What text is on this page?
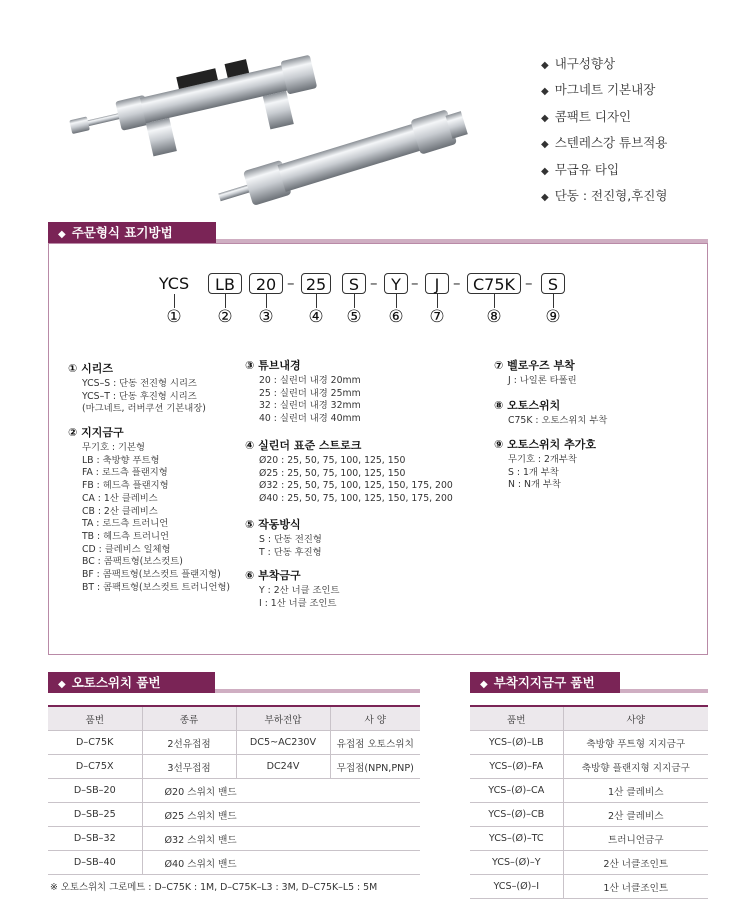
◆ 내구성향상
◆ 마그네트 기본내장
◆ 콤팩트 디자인
◆ 스텐레스강 튜브적용
◆ 무급유 타입
◆ 단동 : 전진형,후진형
◆ 주문형식 표기방법
YCS	LB	20 – 25	S – Y –	J – C75K – S
① ② ③ ④ ⑤ ⑥ ⑦ ⑧	⑨
① 시리즈
YCS–S : 단동 전진형 시리즈
YCS–T : 단동 후진형 시리즈
(마그네트, 러버쿠션 기본내장)
② 지지금구
무기호 : 기본형
LB : 축방향 푸트형
FA : 로드측 플랜지형
FB : 헤드측 플랜지형
CA : 1산 클레비스
CB : 2산 클레비스
TA : 로드측 트러니언
TB : 헤드측 트러니언
CD : 클레비스 일체형
BC : 콤팩트형(보스컷트)
BF : 콤팩트형(보스컷트 플랜지형)
BT : 콤팩트형(보스컷트 트러니언형)
③ 튜브내경
20 : 실린더 내경 20mm
25 : 실린더 내경 25mm
32 : 실린더 내경 32mm
40 : 실린더 내경 40mm
④ 실린더 표준 스트로크
Ø20 : 25, 50, 75, 100, 125, 150
Ø25 : 25, 50, 75, 100, 125, 150
Ø32 : 25, 50, 75, 100, 125, 150, 175, 200
Ø40 : 25, 50, 75, 100, 125, 150, 175, 200
⑤ 작동방식
S : 단동 전진형
T : 단동 후진형
⑥ 부착금구
Y : 2산 너클 조인트
I : 1산 너클 조인트
⑦ 벨로우즈 부착
J : 나일론 타폴린
⑧ 오토스위치
C75K : 오토스위치 부착
⑨ 오토스위치 추가호
무기호 : 2개부착
S : 1개 부착
N : N개 부착
◆ 오토스위치 품번
품번	종류	부하전압	사 양
D–C75K	2선유접점	DC5~AC230V	유접점 오토스위치
D–C75X	3선무접점	DC24V	무접점(NPN,PNP)
D–SB–20	Ø20 스위치 밴드		
D–SB–25	Ø25 스위치 밴드		
D–SB–32	Ø32 스위치 밴드		
D–SB–40	Ø40 스위치 밴드		
※ 오토스위치 그로메트 : D–C75K : 1M, D–C75K–L3 : 3M, D–C75K–L5 : 5M
◆ 부착지지금구 품번
품번	사양
YCS–(Ø)–LB	축방향 푸트형 지지금구
YCS–(Ø)–FA	축방향 플랜지형 지지금구
YCS–(Ø)–CA	1산 클레비스
YCS–(Ø)–CB	2산 클레비스
YCS–(Ø)–TC	트러니언금구
YCS–(Ø)–Y	2산 너클조인트
YCS–(Ø)–I	1산 너클조인트
